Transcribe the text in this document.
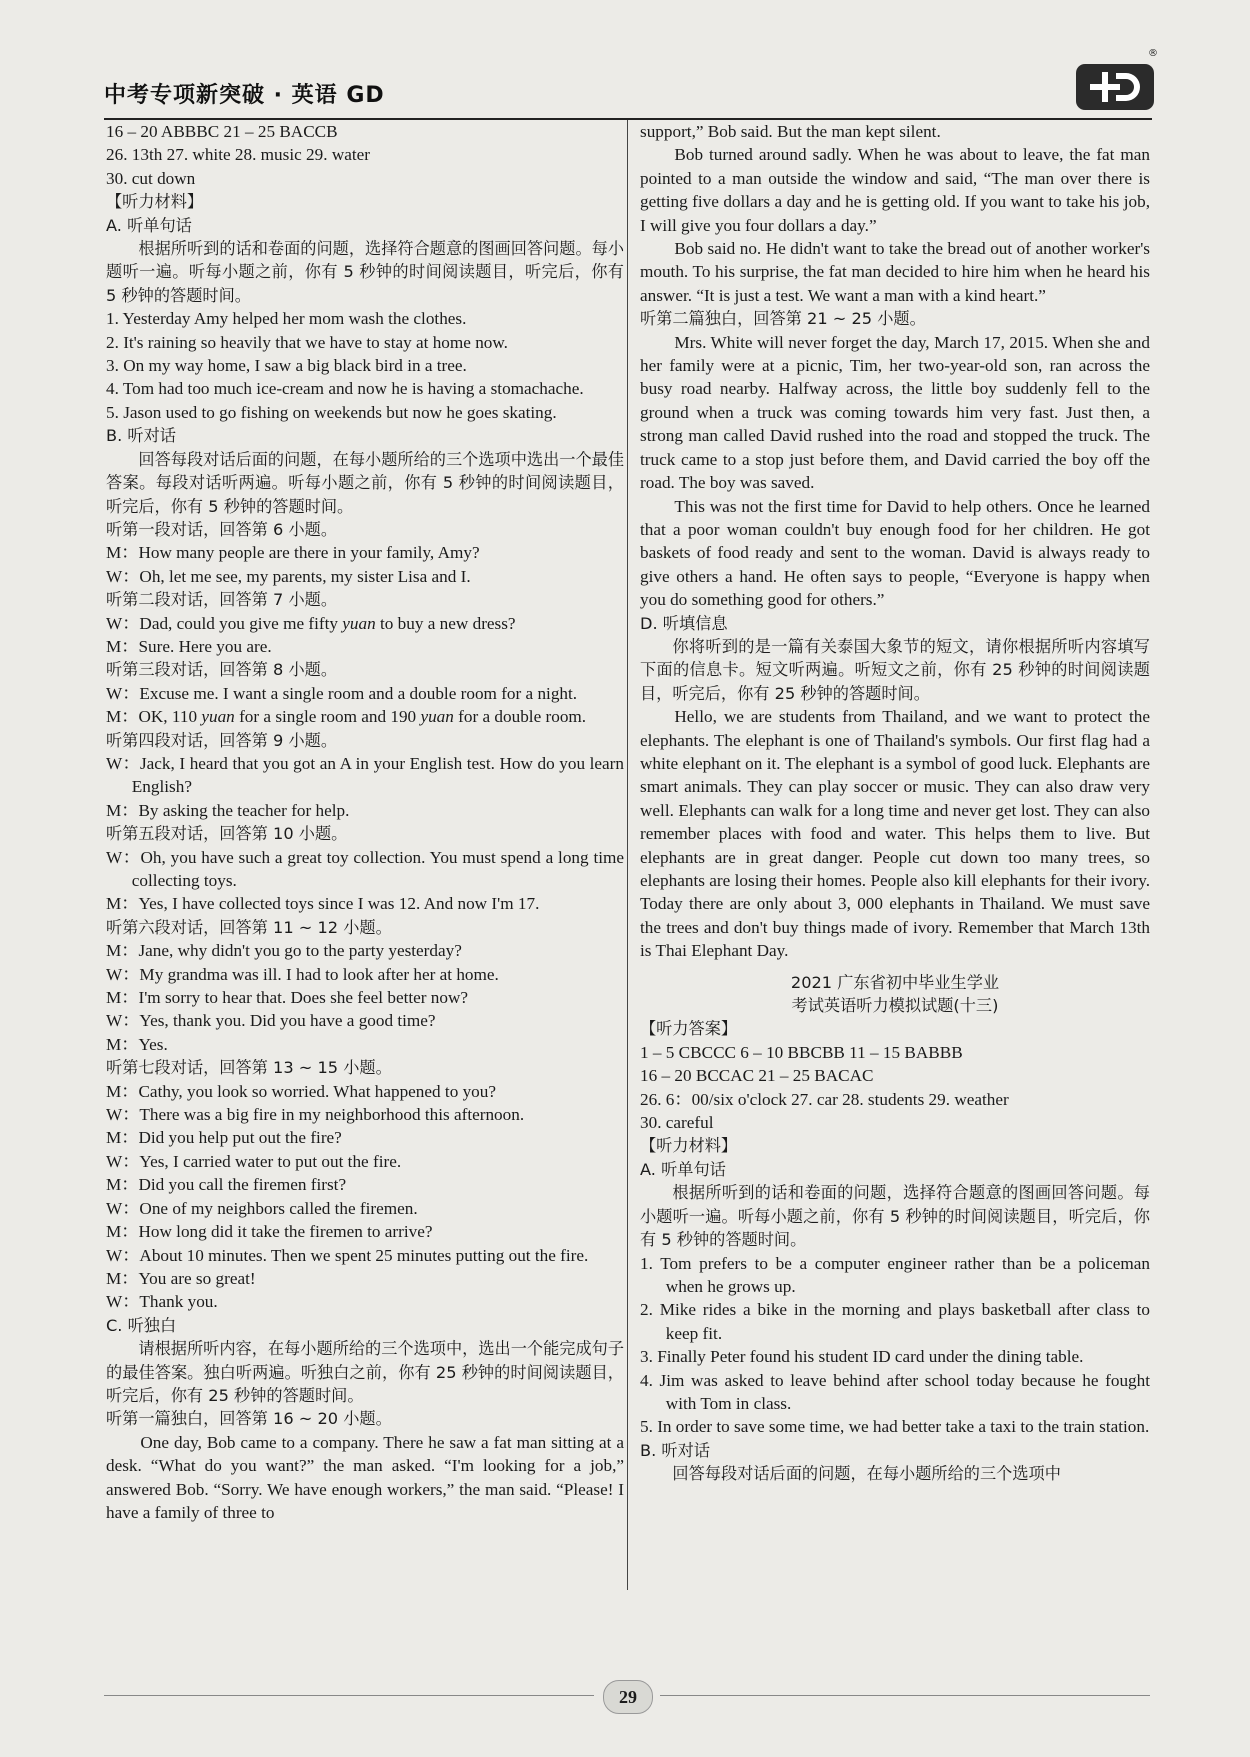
中考专项新突破 · 英语 GD
®
16 – 20 ABBBC 21 – 25 BACCB
26. 13th 27. white 28. music 29. water
30. cut down
【听力材料】
A. 听单句话
根据所听到的话和卷面的问题，选择符合题意的图画回答问题。每小题听一遍。听每小题之前，你有 5 秒钟的时间阅读题目，听完后，你有 5 秒钟的答题时间。
1. Yesterday Amy helped her mom wash the clothes.
2. It's raining so heavily that we have to stay at home now.
3. On my way home, I saw a big black bird in a tree.
4. Tom had too much ice-cream and now he is having a stomachache.
5. Jason used to go fishing on weekends but now he goes skating.
B. 听对话
回答每段对话后面的问题，在每小题所给的三个选项中选出一个最佳答案。每段对话听两遍。听每小题之前，你有 5 秒钟的时间阅读题目，听完后，你有 5 秒钟的答题时间。
听第一段对话，回答第 6 小题。
M：How many people are there in your family, Amy?
W：Oh, let me see, my parents, my sister Lisa and I.
听第二段对话，回答第 7 小题。
W：Dad, could you give me fifty yuan to buy a new dress?
M：Sure. Here you are.
听第三段对话，回答第 8 小题。
W：Excuse me. I want a single room and a double room for a night.
M：OK, 110 yuan for a single room and 190 yuan for a double room.
听第四段对话，回答第 9 小题。
W：Jack, I heard that you got an A in your English test. How do you learn English?
M：By asking the teacher for help.
听第五段对话，回答第 10 小题。
W：Oh, you have such a great toy collection. You must spend a long time collecting toys.
M：Yes, I have collected toys since I was 12. And now I'm 17.
听第六段对话，回答第 11 ~ 12 小题。
M：Jane, why didn't you go to the party yesterday?
W：My grandma was ill. I had to look after her at home.
M：I'm sorry to hear that. Does she feel better now?
W：Yes, thank you. Did you have a good time?
M：Yes.
听第七段对话，回答第 13 ~ 15 小题。
M：Cathy, you look so worried. What happened to you?
W：There was a big fire in my neighborhood this afternoon.
M：Did you help put out the fire?
W：Yes, I carried water to put out the fire.
M：Did you call the firemen first?
W：One of my neighbors called the firemen.
M：How long did it take the firemen to arrive?
W：About 10 minutes. Then we spent 25 minutes putting out the fire.
M：You are so great!
W：Thank you.
C. 听独白
请根据所听内容，在每小题所给的三个选项中，选出一个能完成句子的最佳答案。独白听两遍。听独白之前，你有 25 秒钟的时间阅读题目，听完后，你有 25 秒钟的答题时间。
听第一篇独白，回答第 16 ~ 20 小题。
One day, Bob came to a company. There he saw a fat man sitting at a desk. “What do you want?” the man asked. “I'm looking for a job,” answered Bob. “Sorry. We have enough workers,” the man said. “Please! I have a family of three to
support,” Bob said. But the man kept silent.
Bob turned around sadly. When he was about to leave, the fat man pointed to a man outside the window and said, “The man over there is getting five dollars a day and he is getting old. If you want to take his job, I will give you four dollars a day.”
Bob said no. He didn't want to take the bread out of another worker's mouth. To his surprise, the fat man decided to hire him when he heard his answer. “It is just a test. We want a man with a kind heart.”
听第二篇独白，回答第 21 ~ 25 小题。
Mrs. White will never forget the day, March 17, 2015. When she and her family were at a picnic, Tim, her two-year-old son, ran across the busy road nearby. Halfway across, the little boy suddenly fell to the ground when a truck was coming towards him very fast. Just then, a strong man called David rushed into the road and stopped the truck. The truck came to a stop just before them, and David carried the boy off the road. The boy was saved.
This was not the first time for David to help others. Once he learned that a poor woman couldn't buy enough food for her children. He got baskets of food ready and sent to the woman. David is always ready to give others a hand. He often says to people, “Everyone is happy when you do something good for others.”
D. 听填信息
你将听到的是一篇有关泰国大象节的短文，请你根据所听内容填写下面的信息卡。短文听两遍。听短文之前，你有 25 秒钟的时间阅读题目，听完后，你有 25 秒钟的答题时间。
Hello, we are students from Thailand, and we want to protect the elephants. The elephant is one of Thailand's symbols. Our first flag had a white elephant on it. The elephant is a symbol of good luck. Elephants are smart animals. They can play soccer or music. They can also draw very well. Elephants can walk for a long time and never get lost. They can also remember places with food and water. This helps them to live. But elephants are in great danger. People cut down too many trees, so elephants are losing their homes. People also kill elephants for their ivory. Today there are only about 3, 000 elephants in Thailand. We must save the trees and don't buy things made of ivory. Remember that March 13th is Thai Elephant Day.
2021 广东省初中毕业生学业
考试英语听力模拟试题(十三)
【听力答案】
1 – 5 CBCCC 6 – 10 BBCBB 11 – 15 BABBB
16 – 20 BCCAC 21 – 25 BACAC
26. 6：00/six o'clock 27. car 28. students 29. weather
30. careful
【听力材料】
A. 听单句话
根据所听到的话和卷面的问题，选择符合题意的图画回答问题。每小题听一遍。听每小题之前，你有 5 秒钟的时间阅读题目，听完后，你有 5 秒钟的答题时间。
1. Tom prefers to be a computer engineer rather than be a policeman when he grows up.
2. Mike rides a bike in the morning and plays basketball after class to keep fit.
3. Finally Peter found his student ID card under the dining table.
4. Jim was asked to leave behind after school today because he fought with Tom in class.
5. In order to save some time, we had better take a taxi to the train station.
B. 听对话
回答每段对话后面的问题，在每小题所给的三个选项中
29
